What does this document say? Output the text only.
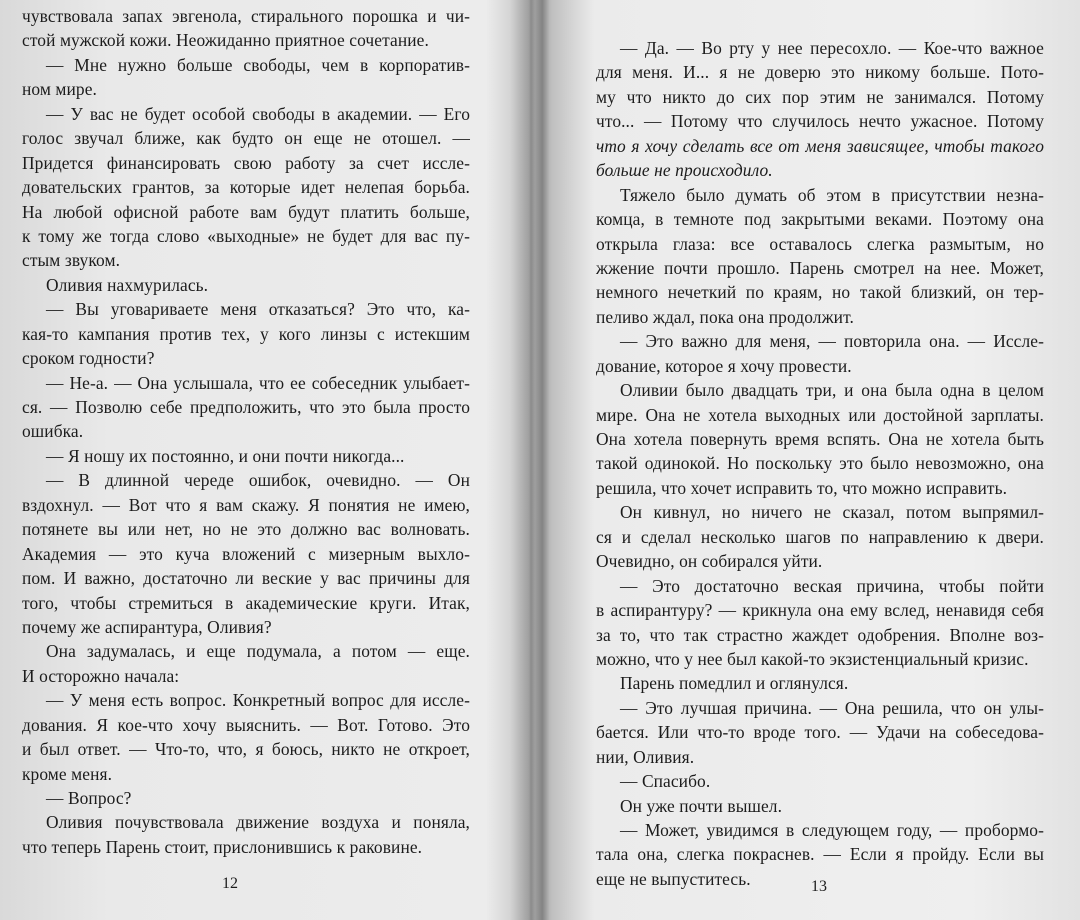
чувствовала запах эвгенола, стирального порошка и чи-
стой мужской кожи. Неожиданно приятное сочетание.
— Мне нужно больше свободы, чем в корпоратив-
ном мире.
— У вас не будет особой свободы в академии. — Его
голос звучал ближе, как будто он еще не отошел. —
Придется финансировать свою работу за счет иссле-
довательских грантов, за которые идет нелепая борьба.
На любой офисной работе вам будут платить больше,
к тому же тогда слово «выходные» не будет для вас пу-
стым звуком.
Оливия нахмурилась.
— Вы уговариваете меня отказаться? Это что, ка-
кая-то кампания против тех, у кого линзы с истекшим
сроком годности?
— Не-а. — Она услышала, что ее собеседник улыбает-
ся. — Позволю себе предположить, что это была просто
ошибка.
— Я ношу их постоянно, и они почти никогда...
— В длинной череде ошибок, очевидно. — Он
вздохнул. — Вот что я вам скажу. Я понятия не имею,
потянете вы или нет, но не это должно вас волновать.
Академия — это куча вложений с мизерным выхло-
пом. И важно, достаточно ли веские у вас причины для
того, чтобы стремиться в академические круги. Итак,
почему же аспирантура, Оливия?
Она задумалась, и еще подумала, а потом — еще.
И осторожно начала:
— У меня есть вопрос. Конкретный вопрос для иссле-
дования. Я кое-что хочу выяснить. — Вот. Готово. Это
и был ответ. — Что-то, что, я боюсь, никто не откроет,
кроме меня.
— Вопрос?
Оливия почувствовала движение воздуха и поняла,
что теперь Парень стоит, прислонившись к раковине.
12
— Да. — Во рту у нее пересохло. — Кое-что важное
для меня. И... я не доверю это никому больше. Пото-
му что никто до сих пор этим не занимался. Потому
что... — Потому что случилось нечто ужасное. Потому
что я хочу сделать все от меня зависящее, чтобы такого
больше не происходило.
Тяжело было думать об этом в присутствии незна-
комца, в темноте под закрытыми веками. Поэтому она
открыла глаза: все оставалось слегка размытым, но
жжение почти прошло. Парень смотрел на нее. Может,
немного нечеткий по краям, но такой близкий, он тер-
пеливо ждал, пока она продолжит.
— Это важно для меня, — повторила она. — Иссле-
дование, которое я хочу провести.
Оливии было двадцать три, и она была одна в целом
мире. Она не хотела выходных или достойной зарплаты.
Она хотела повернуть время вспять. Она не хотела быть
такой одинокой. Но поскольку это было невозможно, она
решила, что хочет исправить то, что можно исправить.
Он кивнул, но ничего не сказал, потом выпрямил-
ся и сделал несколько шагов по направлению к двери.
Очевидно, он собирался уйти.
— Это достаточно веская причина, чтобы пойти
в аспирантуру? — крикнула она ему вслед, ненавидя себя
за то, что так страстно жаждет одобрения. Вполне воз-
можно, что у нее был какой-то экзистенциальный кризис.
Парень помедлил и оглянулся.
— Это лучшая причина. — Она решила, что он улы-
бается. Или что-то вроде того. — Удачи на собеседова-
нии, Оливия.
— Спасибо.
Он уже почти вышел.
— Может, увидимся в следующем году, — пробормо-
тала она, слегка покраснев. — Если я пройду. Если вы
еще не выпуститесь.	13
